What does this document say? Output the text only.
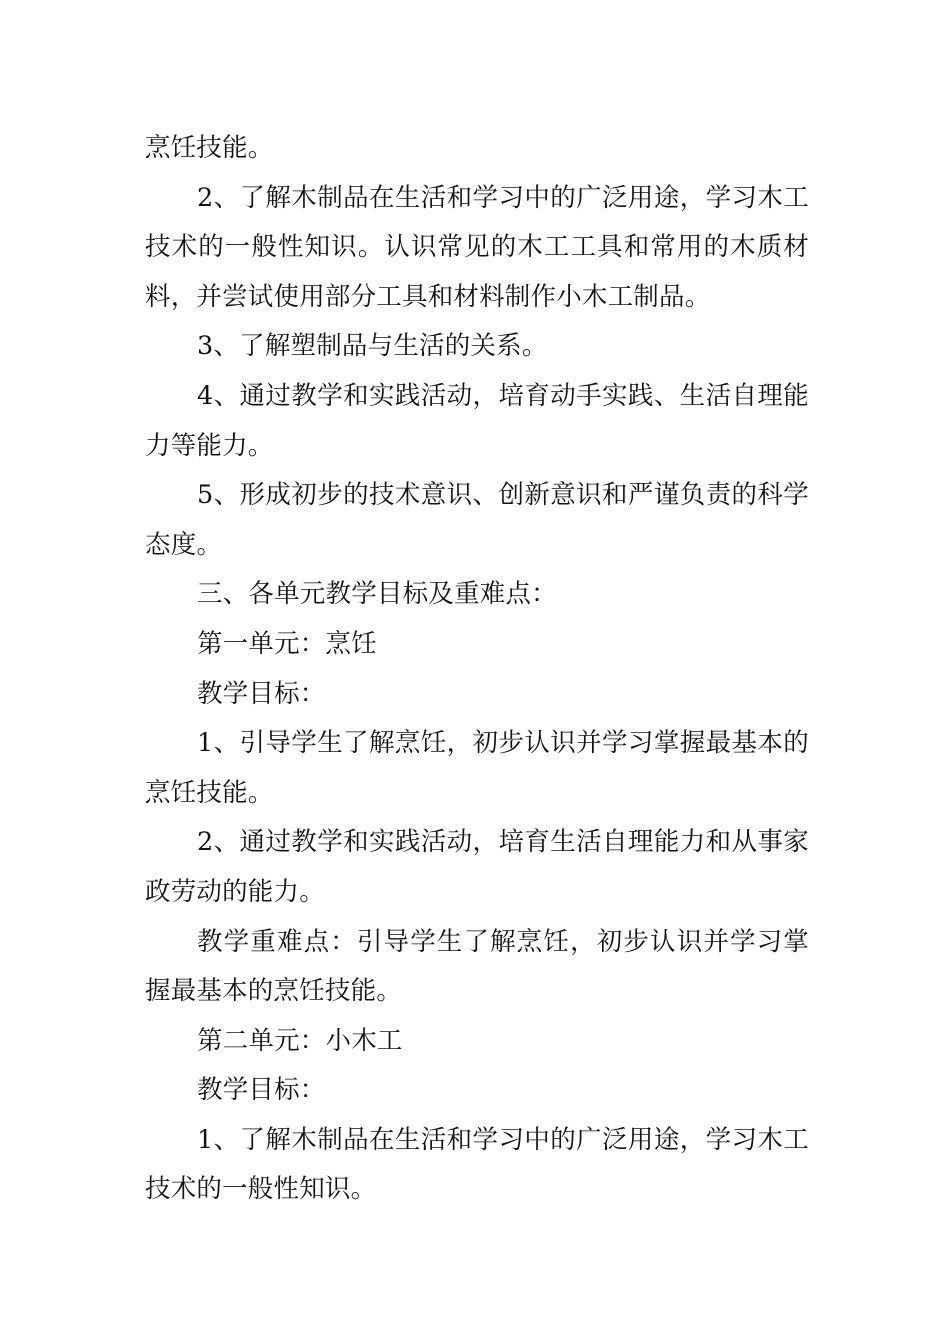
烹饪技能。

2、了解木制品在生活和学习中的广泛用途，学习木工技术的一般性知识。认识常见的木工工具和常用的木质材料，并尝试使用部分工具和材料制作小木工制品。

3、了解塑制品与生活的关系。

4、通过教学和实践活动，培育动手实践、生活自理能力等能力。

5、形成初步的技术意识、创新意识和严谨负责的科学态度。

三、各单元教学目标及重难点：

第一单元：烹饪

教学目标：

1、引导学生了解烹饪，初步认识并学习掌握最基本的烹饪技能。

2、通过教学和实践活动，培育生活自理能力和从事家政劳动的能力。

教学重难点：引导学生了解烹饪，初步认识并学习掌握最基本的烹饪技能。

第二单元：小木工

教学目标：

1、了解木制品在生活和学习中的广泛用途，学习木工技术的一般性知识。
